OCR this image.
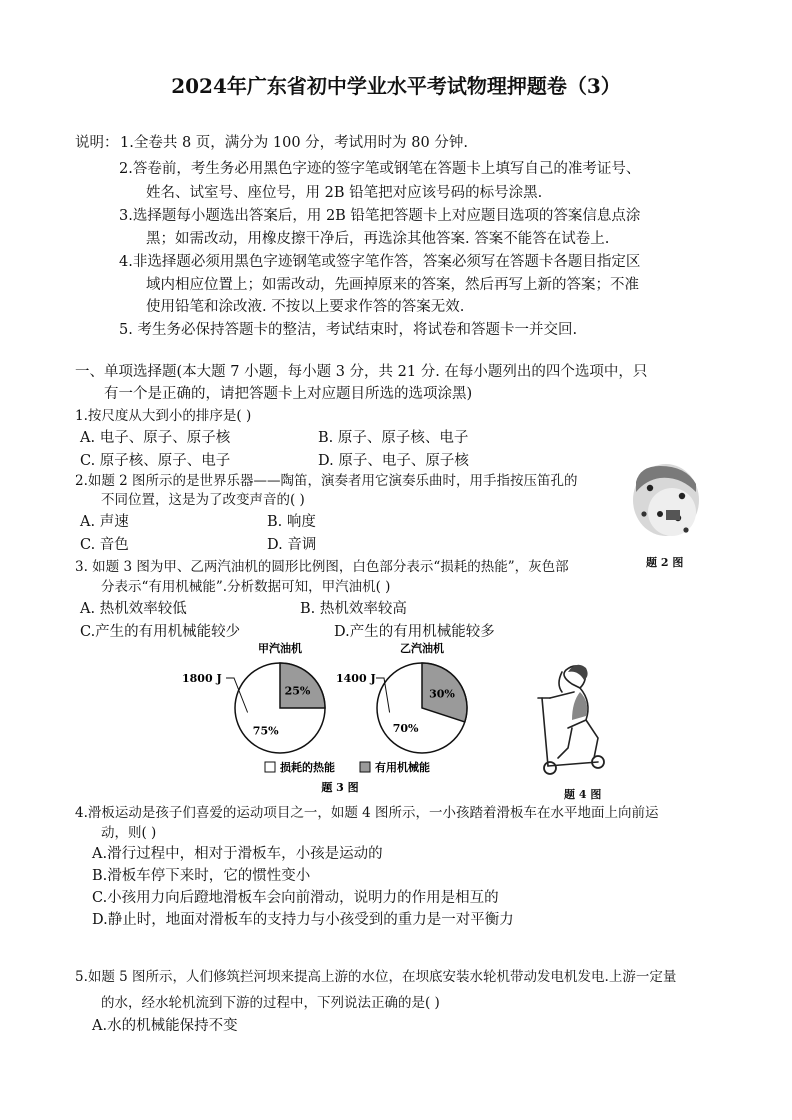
2024年广东省初中学业水平考试物理押题卷（3）
说明： 1.全卷共 8 页，满分为 100 分，考试用时为 80 分钟.
2.答卷前，考生务必用黑色字迹的签字笔或钢笔在答题卡上填写自己的准考证号、
姓名、试室号、座位号，用 2B 铅笔把对应该号码的标号涂黑.
3.选择题每小题选出答案后，用 2B 铅笔把答题卡上对应题目选项的答案信息点涂
黑；如需改动，用橡皮擦干净后，再选涂其他答案. 答案不能答在试卷上.
4.非选择题必须用黑色字迹钢笔或签字笔作答，答案必须写在答题卡各题目指定区
域内相应位置上；如需改动，先画掉原来的答案，然后再写上新的答案；不准
使用铅笔和涂改液. 不按以上要求作答的答案无效.
5. 考生务必保持答题卡的整洁，考试结束时，将试卷和答题卡一并交回.
一、单项选择题(本大题 7 小题，每小题 3 分，共 21 分. 在每小题列出的四个选项中，只
有一个是正确的，请把答题卡上对应题目所选的选项涂黑)
1.按尺度从大到小的排序是( )
A. 电子、原子、原子核	B. 原子、原子核、电子
C. 原子核、原子、电子	D. 原子、电子、原子核
2.如题 2 图所示的是世界乐器——陶笛，演奏者用它演奏乐曲时，用手指按压笛孔的
不同位置，这是为了改变声音的( )
A. 声速	B. 响度
C. 音色	D. 音调
题 2 图
3. 如题 3 图为甲、乙两汽油机的圆形比例图，白色部分表示“损耗的热能”，灰色部
分表示“有用机械能”.分析数据可知，甲汽油机( )
A. 热机效率较低	B. 热机效率较高
C.产生的有用机械能较少	D.产生的有用机械能较多
甲汽油机	乙汽油机
1800 J	1400 J
25%
75%
30%
70%
损耗的热能	有用机械能
题 3 图
题 4 图
4.滑板运动是孩子们喜爱的运动项目之一，如题 4 图所示，一小孩踏着滑板车在水平地面上向前运
动，则( )
A.滑行过程中，相对于滑板车，小孩是运动的
B.滑板车停下来时，它的惯性变小
C.小孩用力向后蹬地滑板车会向前滑动，说明力的作用是相互的
D.静止时，地面对滑板车的支持力与小孩受到的重力是一对平衡力
5.如题 5 图所示，人们修筑拦河坝来提高上游的水位，在坝底安装水轮机带动发电机发电.上游一定量
的水，经水轮机流到下游的过程中，下列说法正确的是( )
A.水的机械能保持不变
